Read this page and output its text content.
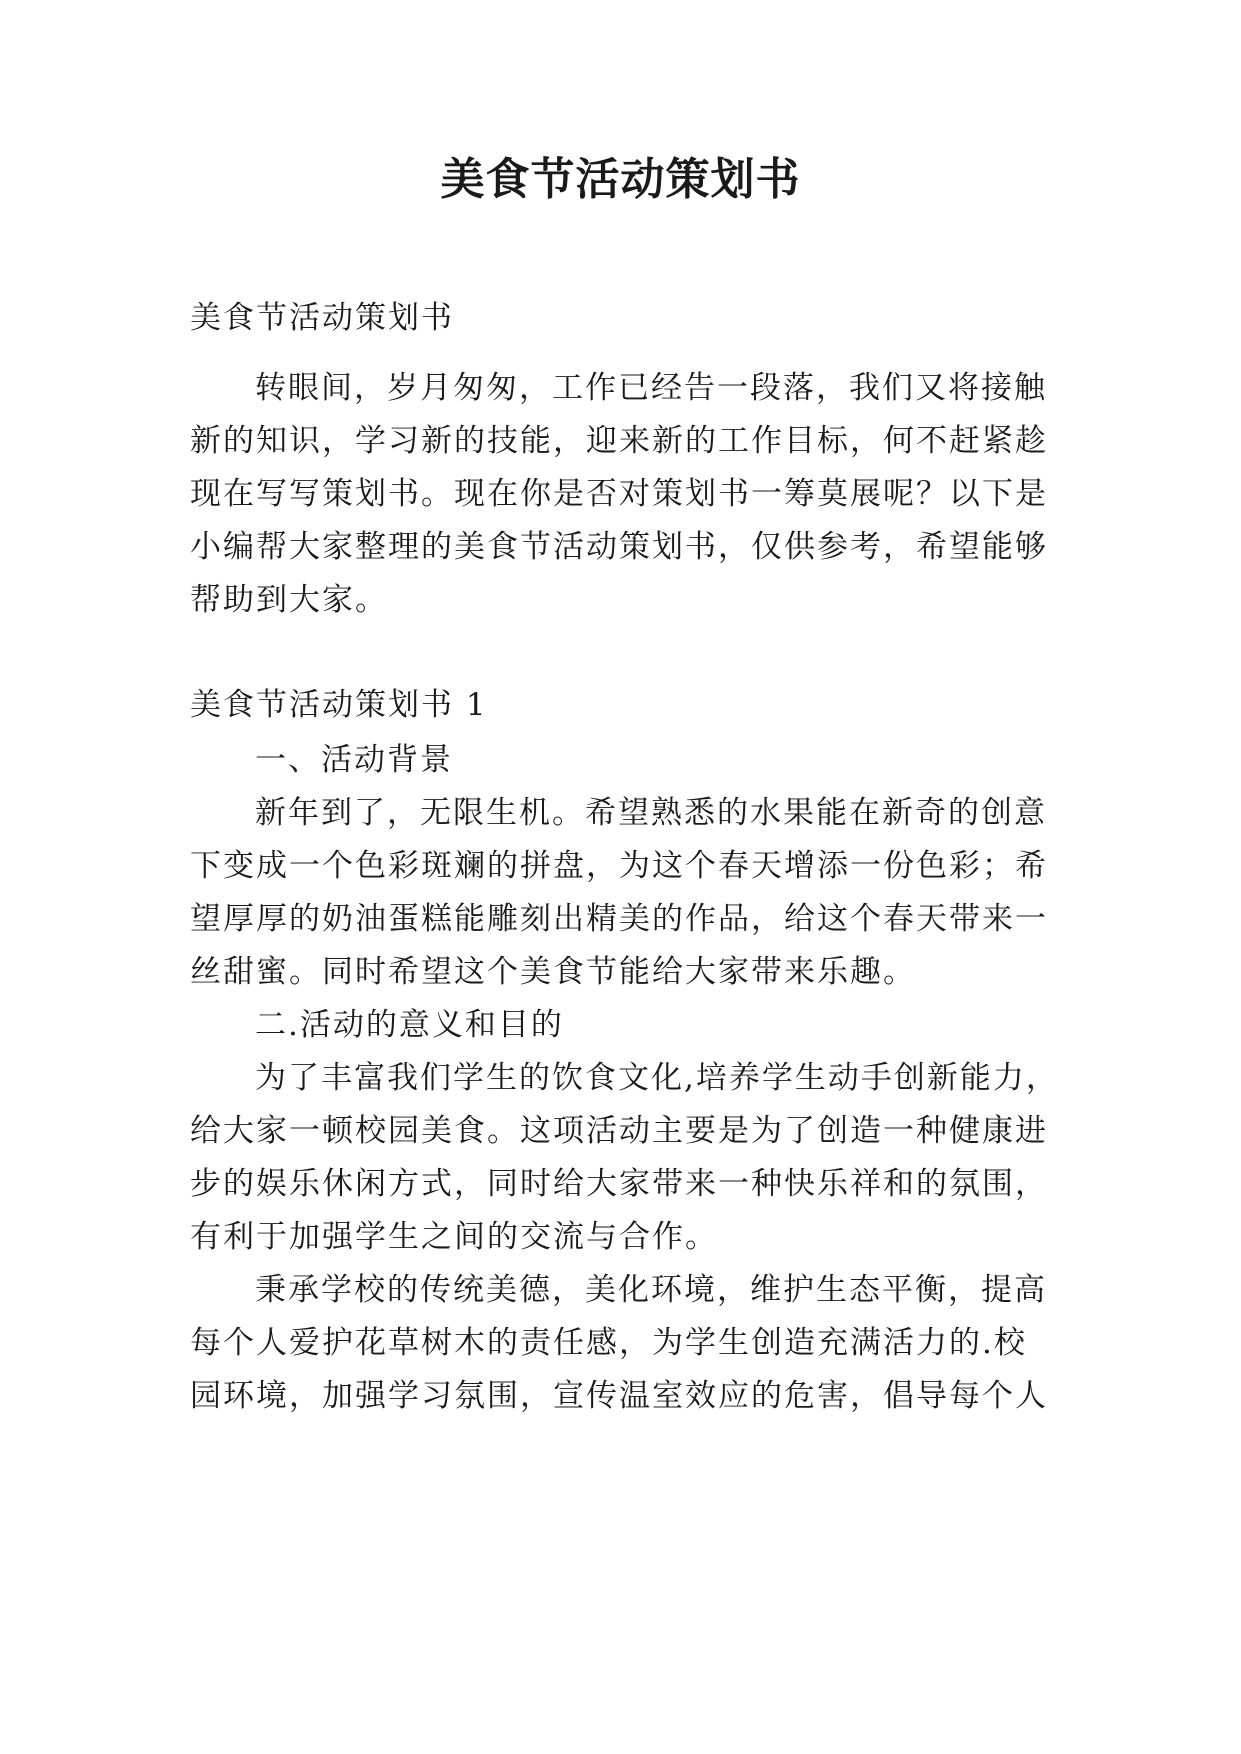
美食节活动策划书

美食节活动策划书

转眼间，岁月匆匆，工作已经告一段落，我们又将接触

新的知识，学习新的技能，迎来新的工作目标，何不赶紧趁

现在写写策划书。现在你是否对策划书一筹莫展呢？以下是

小编帮大家整理的美食节活动策划书，仅供参考，希望能够

帮助到大家。

美食节活动策划书 1

一、活动背景

新年到了，无限生机。希望熟悉的水果能在新奇的创意

下变成一个色彩斑斓的拼盘，为这个春天增添一份色彩；希

望厚厚的奶油蛋糕能雕刻出精美的作品，给这个春天带来一

丝甜蜜。同时希望这个美食节能给大家带来乐趣。

二.活动的意义和目的

为了丰富我们学生的饮食文化,培养学生动手创新能力，

给大家一顿校园美食。这项活动主要是为了创造一种健康进

步的娱乐休闲方式，同时给大家带来一种快乐祥和的氛围，

有利于加强学生之间的交流与合作。

秉承学校的传统美德，美化环境，维护生态平衡，提高

每个人爱护花草树木的责任感，为学生创造充满活力的.校

园环境，加强学习氛围，宣传温室效应的危害，倡导每个人
